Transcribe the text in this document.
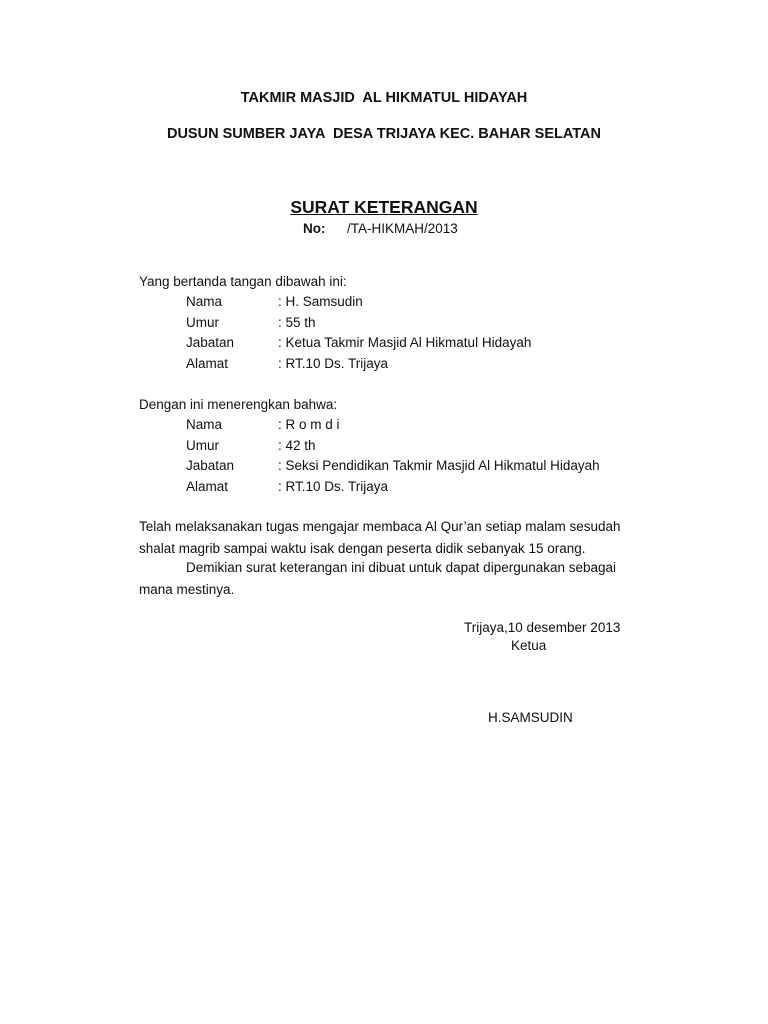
TAKMIR MASJID  AL HIKMATUL HIDAYAH
DUSUN SUMBER JAYA  DESA TRIJAYA KEC. BAHAR SELATAN
SURAT KETERANGAN
No: /TA-HIKMAH/2013
Yang bertanda tangan dibawah ini:
Nama	: H. Samsudin
Umur	: 55 th
Jabatan	: Ketua Takmir Masjid Al Hikmatul Hidayah
Alamat	: RT.10 Ds. Trijaya
Dengan ini menerengkan bahwa:
Nama	: R o m d i
Umur	: 42 th
Jabatan	: Seksi Pendidikan Takmir Masjid Al Hikmatul Hidayah
Alamat	: RT.10 Ds. Trijaya
Telah melaksanakan tugas mengajar membaca Al Qur’an setiap malam sesudah
shalat magrib sampai waktu isak dengan peserta didik sebanyak 15 orang.
Demikian surat keterangan ini dibuat untuk dapat dipergunakan sebagai
mana mestinya.
Trijaya,10 desember 2013
Ketua
H.SAMSUDIN
